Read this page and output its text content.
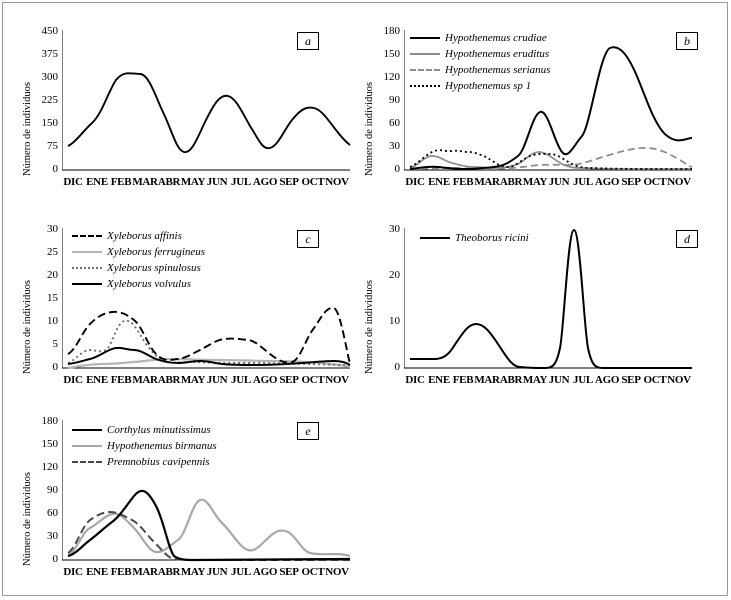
Número de individuos
a
450
375
300
225
150
75
0
DIC ENE FEB MAR ABR MAY JUN JUL AGO SEP OCT NOV
Número de individuos
b
180
150
120
90
60
30
0
Hypothenemus crudiae
Hypothenemus eruditus
Hypothenemus serianus
Hypothenemus sp 1
DIC ENE FEB MAR ABR MAY JUN JUL AGO SEP OCT NOV
Número de individuos
c
30
25
20
15
10
5
0
Xyleborus affinis
Xyleborus ferrugineus
Xyleborus spinulosus
Xyleborus volvulus
DIC ENE FEB MAR ABR MAY JUN JUL AGO SEP OCT NOV
Número de individuos
d
30
20
10
0
Theoborus ricini
DIC ENE FEB MAR ABR MAY JUN JUL AGO SEP OCT NOV
Número de individuos
e
180
150
120
90
60
30
0
Corthylus minutissimus
Hypothenemus birmanus
Premnobius cavipennis
DIC ENE FEB MAR ABR MAY JUN JUL AGO SEP OCT NOV
